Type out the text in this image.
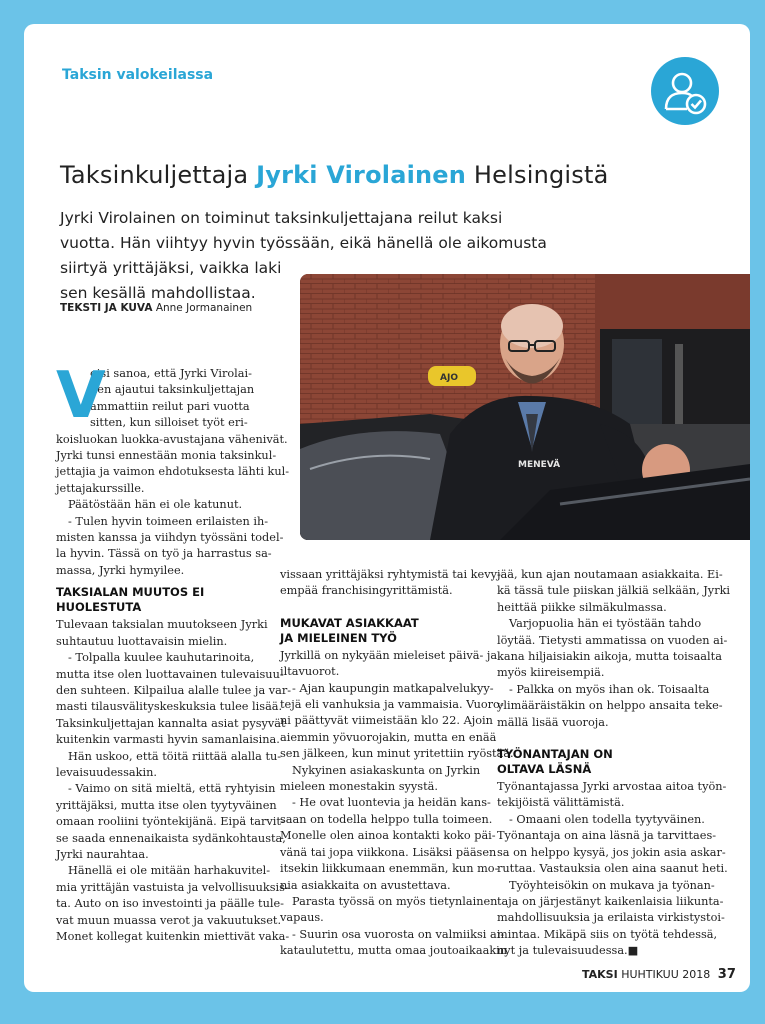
Taksin valokeilassa
Taksinkuljettaja Jyrki Virolainen Helsingistä
Jyrki Virolainen on toiminut taksinkuljettajana reilut kaksi
vuotta. Hän viihtyy hyvin työssään, eikä hänellä ole aikomusta
siirtyä yrittäjäksi, vaikka laki
sen kesällä mahdollistaa.
TEKSTI JA KUVA Anne Jormanainen
AJO
MENEVÄ
V
oisi sanoa, että Jyrki Virolai-
nen ajautui taksinkuljettajan
ammattiin reilut pari vuotta
sitten, kun silloiset työt eri-
koisluokan luokka-avustajana vähenivät.
Jyrki tunsi ennestään monia taksinkul-
jettajia ja vaimon ehdotuksesta lähti kul-
jettajakurssille.
Päätöstään hän ei ole katunut.
- Tulen hyvin toimeen erilaisten ih-
misten kanssa ja viihdyn työssäni todel-
la hyvin. Tässä on työ ja harrastus sa-
massa, Jyrki hymyilee.
TAKSIALAN MUUTOS EI
HUOLESTUTA
Tulevaan taksialan muutokseen Jyrki
suhtautuu luottavaisin mielin.
- Tolpalla kuulee kauhutarinoita,
mutta itse olen luottavainen tulevaisuu-
den suhteen. Kilpailua alalle tulee ja var-
masti tilausvälityskeskuksia tulee lisää.
Taksinkuljettajan kannalta asiat pysyvät
kuitenkin varmasti hyvin samanlaisina.
Hän uskoo, että töitä riittää alalla tu-
levaisuudessakin.
- Vaimo on sitä mieltä, että ryhtyisin
yrittäjäksi, mutta itse olen tyytyväinen
omaan rooliini työntekijänä. Eipä tarvit-
se saada ennenaikaista sydänkohtausta,
Jyrki naurahtaa.
Hänellä ei ole mitään harhakuvitel-
mia yrittäjän vastuista ja velvollisuuksis-
ta. Auto on iso investointi ja päälle tule-
vat muun muassa verot ja vakuutukset.
Monet kollegat kuitenkin miettivät vaka-
vissaan yrittäjäksi ryhtymistä tai kevy-
empää franchisingyrittämistä.
MUKAVAT ASIAKKAAT
JA MIELEINEN TYÖ
Jyrkillä on nykyään mieleiset päivä- ja
iltavuorot.
- Ajan kaupungin matkapalvelukyy-
tejä eli vanhuksia ja vammaisia. Vuoro-
ni päättyvät viimeistään klo 22. Ajoin
aiemmin yövuorojakin, mutta en enää
sen jälkeen, kun minut yritettiin ryöstää.
Nykyinen asiakaskunta on Jyrkin
mieleen monestakin syystä.
- He ovat luontevia ja heidän kans-
saan on todella helppo tulla toimeen.
Monelle olen ainoa kontakti koko päi-
vänä tai jopa viikkona. Lisäksi pääsen
itsekin liikkumaan enemmän, kun mo-
nia asiakkaita on avustettava.
Parasta työssä on myös tietynlainen
vapaus.
- Suurin osa vuorosta on valmiiksi ai-
kataulutettu, mutta omaa joutoaikaakin
jää, kun ajan noutamaan asiakkaita. Ei-
kä tässä tule piiskan jälkiä selkään, Jyrki
heittää piikke silmäkulmassa.
Varjopuolia hän ei työstään tahdo
löytää. Tietysti ammatissa on vuoden ai-
kana hiljaisiakin aikoja, mutta toisaalta
myös kiireisempiä.
- Palkka on myös ihan ok. Toisaalta
ylimääräistäkin on helppo ansaita teke-
mällä lisää vuoroja.
TYÖNANTAJAN ON
OLTAVA LÄSNÄ
Työnantajassa Jyrki arvostaa aitoa työn-
tekijöistä välittämistä.
- Omaani olen todella tyytyväinen.
Työnantaja on aina läsnä ja tarvittaes-
sa on helppo kysyä, jos jokin asia askar-
ruttaa. Vastauksia olen aina saanut heti.
Työyhteisökin on mukava ja työnan-
taja on järjestänyt kaikenlaisia liikunta-
mahdollisuuksia ja erilaista virkistystoi-
mintaa. Mikäpä siis on työtä tehdessä,
nyt ja tulevaisuudessa.■
TAKSI HUHTIKUU 2018 37
